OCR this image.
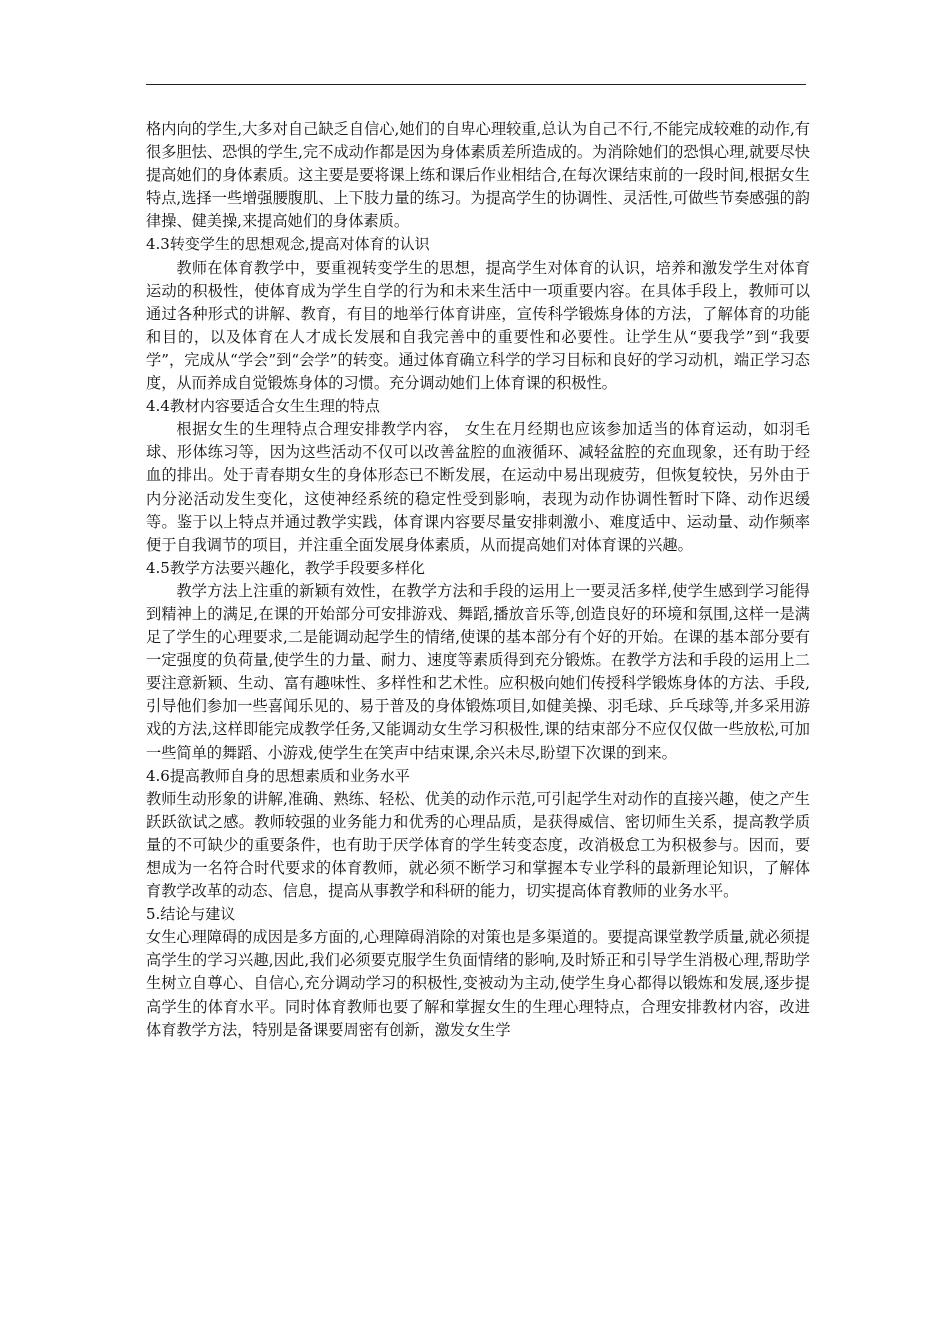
格内向的学生,大多对自己缺乏自信心,她们的自卑心理较重,总认为自己不行,不能完成较难的动作,有很多胆怯、恐惧的学生,完不成动作都是因为身体素质差所造成的。为消除她们的恐惧心理,就要尽快提高她们的身体素质。这主要是要将课上练和课后作业相结合,在每次课结束前的一段时间,根据女生特点,选择一些增强腰腹肌、上下肢力量的练习。为提高学生的协调性、灵活性,可做些节奏感强的韵律操、健美操,来提高她们的身体素质。

4.3转变学生的思想观念,提高对体育的认识

教师在体育教学中，要重视转变学生的思想，提高学生对体育的认识，培养和激发学生对体育运动的积极性，使体育成为学生自学的行为和未来生活中一项重要内容。在具体手段上，教师可以通过各种形式的讲解、教育，有目的地举行体育讲座，宣传科学锻炼身体的方法，了解体育的功能和目的，以及体育在人才成长发展和自我完善中的重要性和必要性。让学生从“要我学”到“我要学”，完成从“学会”到“会学”的转变。通过体育确立科学的学习目标和良好的学习动机，端正学习态度，从而养成自觉锻炼身体的习惯。充分调动她们上体育课的积极性。

4.4教材内容要适合女生生理的特点

根据女生的生理特点合理安排教学内容， 女生在月经期也应该参加适当的体育运动，如羽毛球、形体练习等，因为这些活动不仅可以改善盆腔的血液循环、减轻盆腔的充血现象，还有助于经血的排出。处于青春期女生的身体形态已不断发展，在运动中易出现疲劳，但恢复较快，另外由于内分泌活动发生变化，这使神经系统的稳定性受到影响，表现为动作协调性暂时下降、动作迟缓等。鉴于以上特点并通过教学实践，体育课内容要尽量安排刺激小、难度适中、运动量、动作频率便于自我调节的项目，并注重全面发展身体素质，从而提高她们对体育课的兴趣。

4.5教学方法要兴趣化，教学手段要多样化

教学方法上注重的新颖有效性，在教学方法和手段的运用上一要灵活多样,使学生感到学习能得到精神上的满足,在课的开始部分可安排游戏、舞蹈,播放音乐等,创造良好的环境和氛围,这样一是满足了学生的心理要求,二是能调动起学生的情绪,使课的基本部分有个好的开始。在课的基本部分要有一定强度的负荷量,使学生的力量、耐力、速度等素质得到充分锻炼。在教学方法和手段的运用上二要注意新颖、生动、富有趣味性、多样性和艺术性。应积极向她们传授科学锻炼身体的方法、手段,引导他们参加一些喜闻乐见的、易于普及的身体锻炼项目,如健美操、羽毛球、乒乓球等,并多采用游戏的方法,这样即能完成教学任务,又能调动女生学习积极性,课的结束部分不应仅仅做一些放松,可加一些简单的舞蹈、小游戏,使学生在笑声中结束课,余兴未尽,盼望下次课的到来。

4.6提高教师自身的思想素质和业务水平

教师生动形象的讲解,准确、熟练、轻松、优美的动作示范,可引起学生对动作的直接兴趣，使之产生跃跃欲试之感。教师较强的业务能力和优秀的心理品质，是获得威信、密切师生关系，提高教学质量的不可缺少的重要条件，也有助于厌学体育的学生转变态度，改消极怠工为积极参与。因而，要想成为一名符合时代要求的体育教师，就必须不断学习和掌握本专业学科的最新理论知识，了解体育教学改革的动态、信息，提高从事教学和科研的能力，切实提高体育教师的业务水平。

5.结论与建议

女生心理障碍的成因是多方面的,心理障碍消除的对策也是多渠道的。要提高课堂教学质量,就必须提高学生的学习兴趣,因此,我们必须要克服学生负面情绪的影响,及时矫正和引导学生消极心理,帮助学生树立自尊心、自信心,充分调动学习的积极性,变被动为主动,使学生身心都得以锻炼和发展,逐步提高学生的体育水平。同时体育教师也要了解和掌握女生的生理心理特点，合理安排教材内容，改进体育教学方法，特别是备课要周密有创新，激发女生学
